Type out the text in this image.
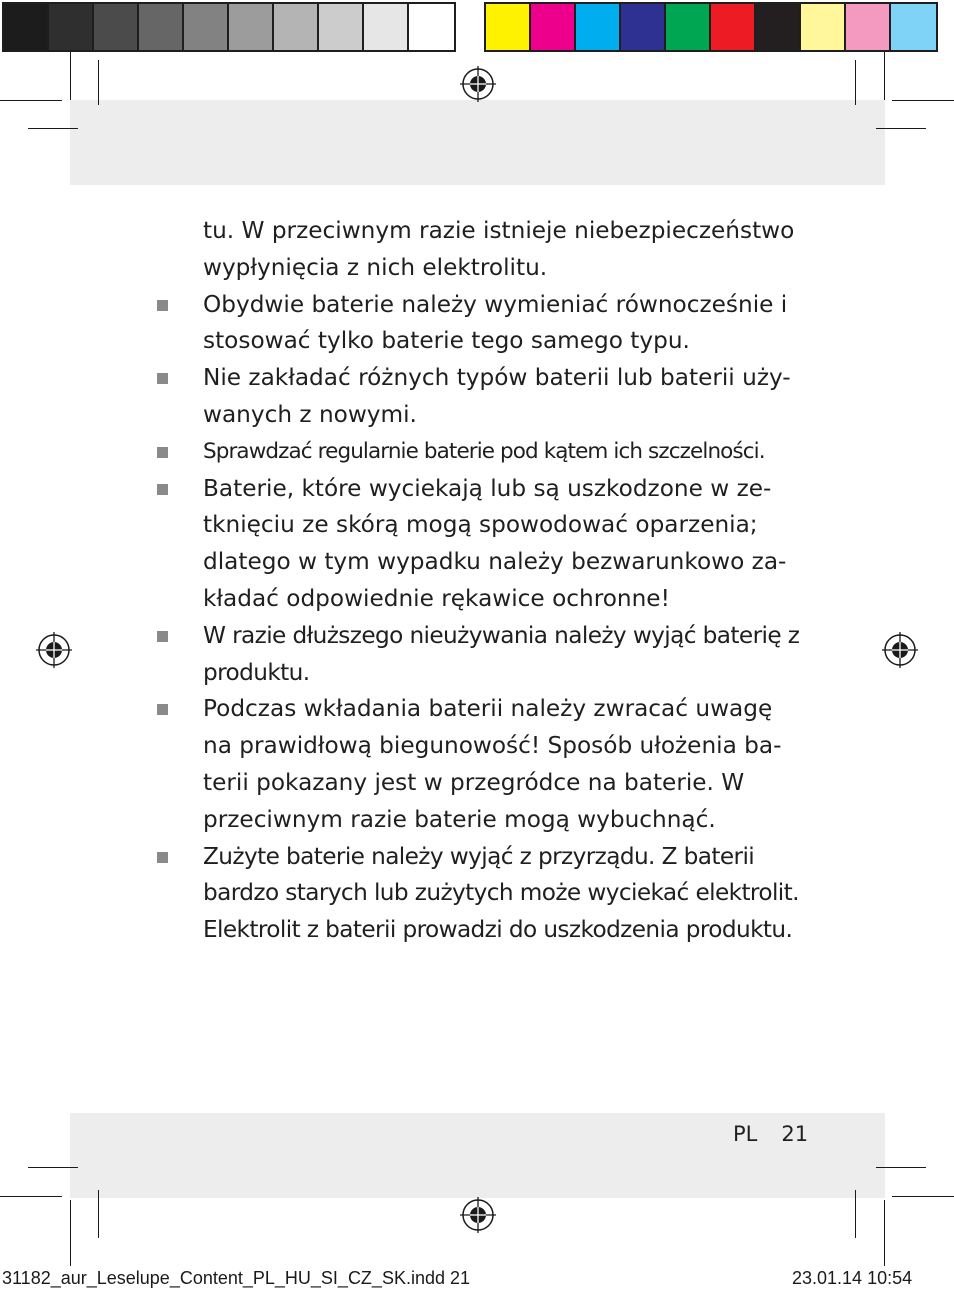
tu. W przeciwnym razie istnieje niebezpieczeństwo wypłynięcia z nich elektrolitu.

Obydwie baterie należy wymieniać równocześnie i stosować tylko baterie tego samego typu.

Nie zakładać różnych typów baterii lub baterii uży-wanych z nowymi.

Sprawdzać regularnie baterie pod kątem ich szczelności.

Baterie, które wyciekają lub są uszkodzone w ze-tknięciu ze skórą mogą spowodować oparzenia; dlatego w tym wypadku należy bezwarunkowo za-kładać odpowiednie rękawice ochronne!

W razie dłuższego nieużywania należy wyjąć baterię z produktu.

Podczas wkładania baterii należy zwracać uwagę na prawidłową biegunowość! Sposób ułożenia ba-terii pokazany jest w przegródce na baterie. W przeciwnym razie baterie mogą wybuchnąć.

Zużyte baterie należy wyjąć z przyrządu. Z baterii bardzo starych lub zużytych może wyciekać elektrolit. Elektrolit z baterii prowadzi do uszkodzenia produktu.

PL 21
31182_aur_Leselupe_Content_PL_HU_SI_CZ_SK.indd 21	23.01.14 10:54
